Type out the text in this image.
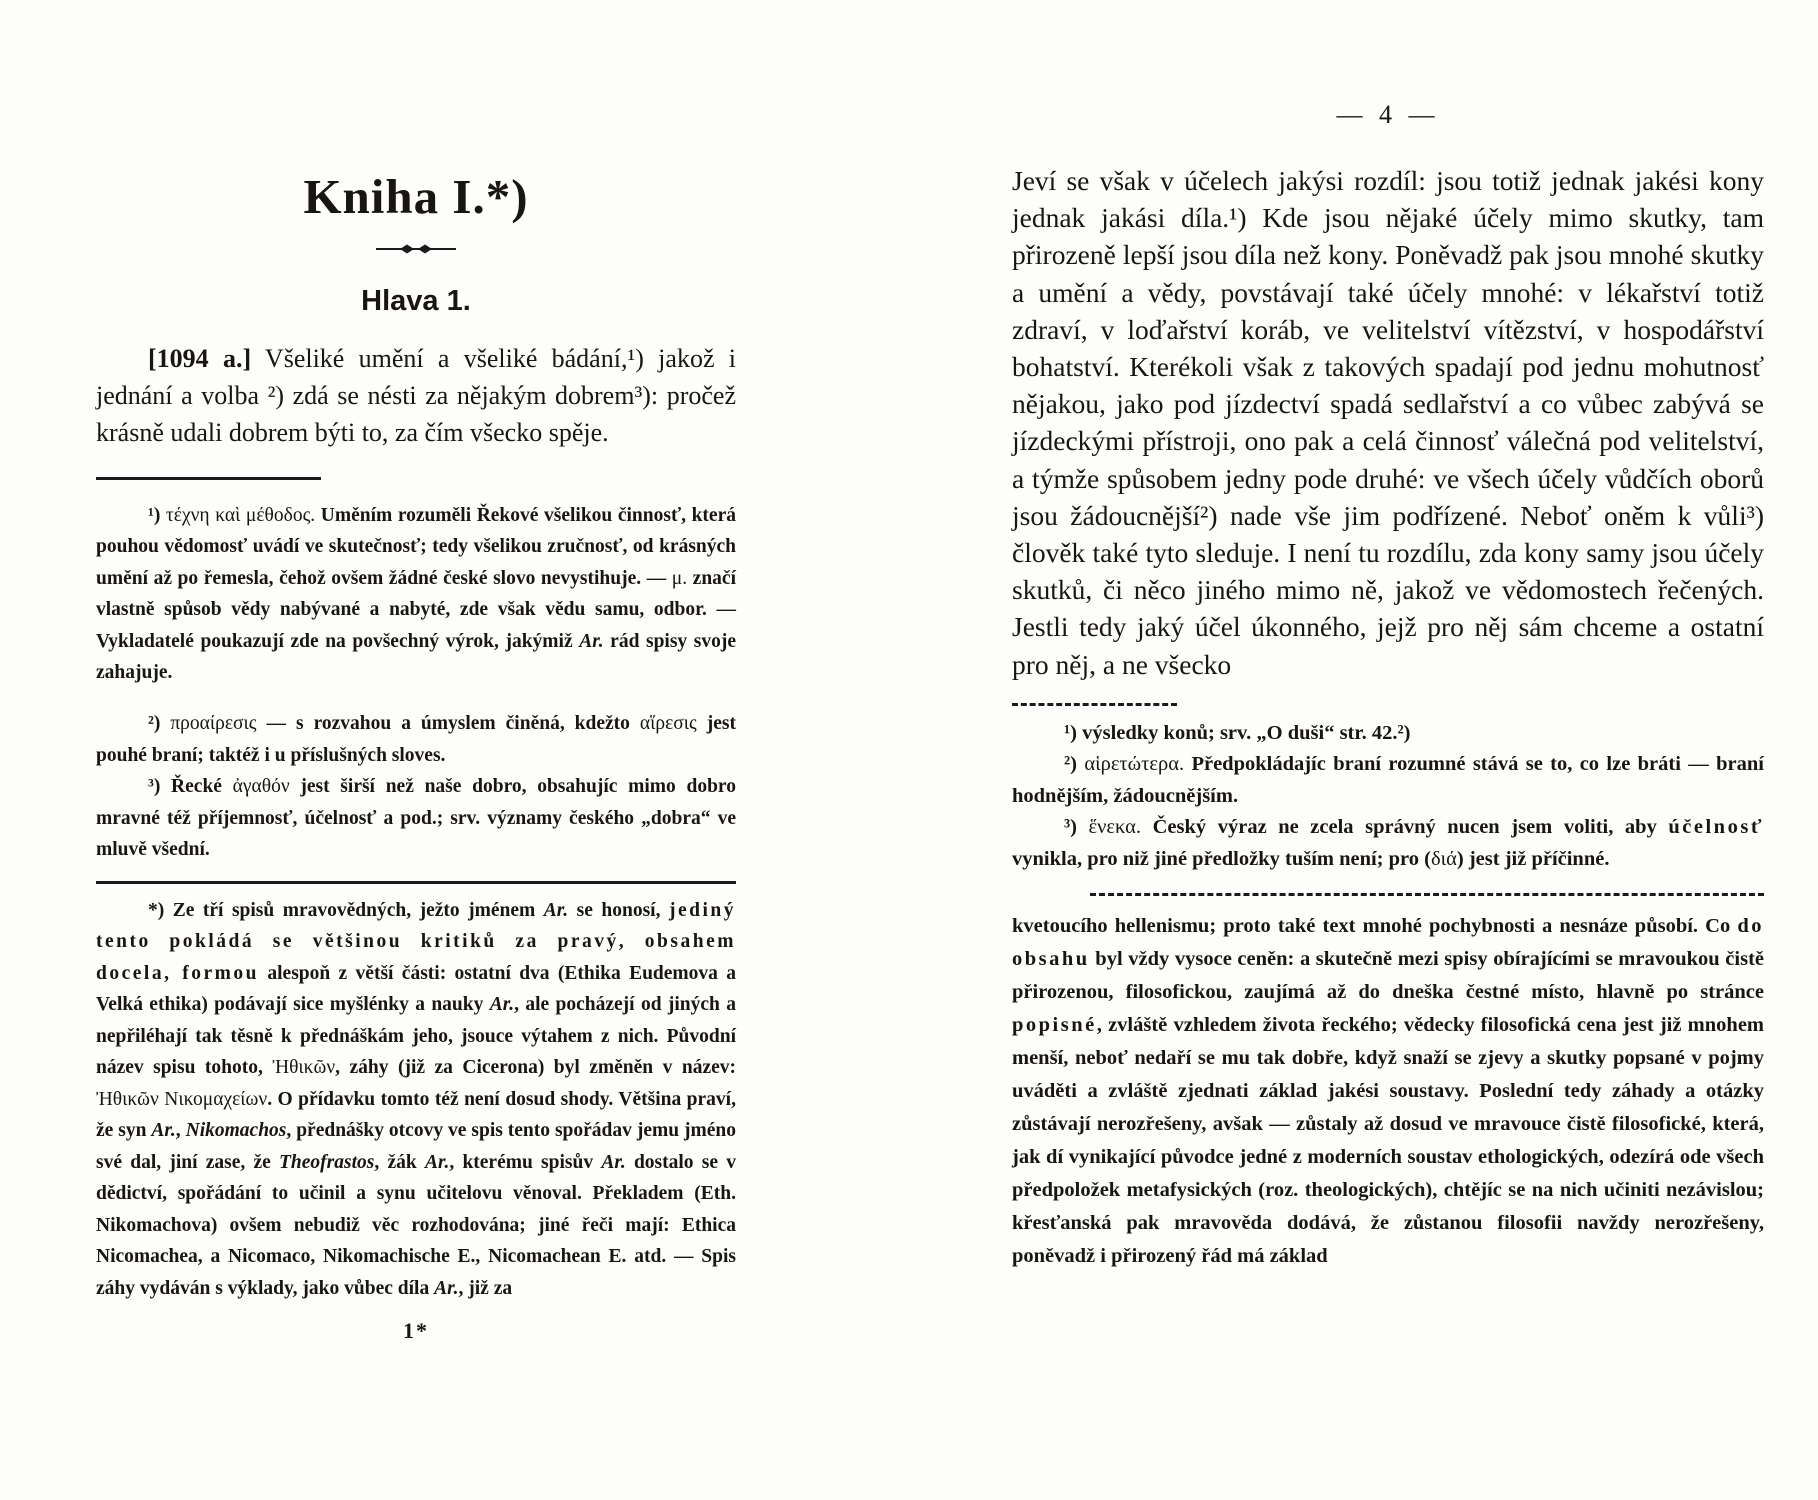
Kniha I.*)
Hlava 1.

[1094 a.] Všeliké umění a všeliké bádání,¹) jakož i jednání a volba ²) zdá se nésti za nějakým dobrem³): pročež krásně udali dobrem býti to, za čím všecko spěje.

¹) τέχνη καὶ μέθοδος. Uměním rozuměli Řekové všelikou činnosť, která pouhou vědomosť uvádí ve skutečnosť; tedy všelikou zručnosť, od krásných umění až po řemesla, čehož ovšem žádné české slovo nevystihuje. — μ. značí vlastně spůsob vědy nabývané a nabyté, zde však vědu samu, odbor. — Vykladatelé poukazují zde na povšechný výrok, jakýmiž Ar. rád spisy svoje zahajuje.

²) προαίρεσις — s rozvahou a úmyslem činěná, kdežto αἵρεσις jest pouhé braní; taktéž i u příslušných sloves.

³) Řecké ἀγαθόν jest širší než naše dobro, obsahujíc mimo dobro mravné též příjemnosť, účelnosť a pod.; srv. významy českého „dobra“ ve mluvě všední.

*) Ze tří spisů mravovědných, ježto jménem Ar. se honosí, jediný tento pokládá se většinou kritiků za pravý, obsahem docela, formou alespoň z větší části: ostatní dva (Ethika Eudemova a Velká ethika) podávají sice myšlénky a nauky Ar., ale pocházejí od jiných a nepřiléhají tak těsně k přednáškám jeho, jsouce výtahem z nich. Původní název spisu tohoto, Ἠθικῶν, záhy (již za Cicerona) byl změněn v název: Ἠθικῶν Νικομαχείων. O přídavku tomto též není dosud shody. Většina praví, že syn Ar., Nikomachos, přednášky otcovy ve spis tento spořádav jemu jméno své dal, jiní zase, že Theofrastos, žák Ar., kterému spisův Ar. dostalo se v dědictví, spořádání to učinil a synu učitelovu věnoval. Překladem (Eth. Nikomachova) ovšem nebudiž věc rozhodována; jiné řeči mají: Ethica Nicomachea, a Nicomaco, Nikomachische E., Nicomachean E. atd. — Spis záhy vydáván s výklady, jako vůbec díla Ar., již za

1*
— 4 —

Jeví se však v účelech jakýsi rozdíl: jsou totiž jednak jakési kony jednak jakási díla.¹) Kde jsou nějaké účely mimo skutky, tam přirozeně lepší jsou díla než kony. Poněvadž pak jsou mnohé skutky a umění a vědy, povstávají také účely mnohé: v lékařství totiž zdraví, v loďařství koráb, ve velitelství vítězství, v hospodářství bohatství. Kterékoli však z takových spadají pod jednu mohutnosť nějakou, jako pod jízdectví spadá sedlařství a co vůbec zabývá se jízdeckými přístroji, ono pak a celá činnosť válečná pod velitelství, a týmže spůsobem jedny pode druhé: ve všech účely vůdčích oborů jsou žádoucnější²) nade vše jim podřízené. Neboť oněm k vůli³) člověk také tyto sleduje. I není tu rozdílu, zda kony samy jsou účely skutků, či něco jiného mimo ně, jakož ve vědomostech řečených. Jestli tedy jaký účel úkonného, jejž pro něj sám chceme a ostatní pro něj, a ne všecko

¹) výsledky konů; srv. „O duši“ str. 42.²)

²) αἱρετώτερα. Předpokládajíc braní rozumné stává se to, co lze bráti — braní hodnějším, žádoucnějším.

³) ἕνεκα. Český výraz ne zcela správný nucen jsem voliti, aby účelnosť vynikla, pro niž jiné předložky tuším není; pro (διά) jest již příčinné.

kvetoucího hellenismu; proto také text mnohé pochybnosti a nesnáze působí. Co do obsahu byl vždy vysoce ceněn: a skutečně mezi spisy obírajícími se mravoukou čistě přirozenou, filosofickou, zaujímá až do dneška čestné místo, hlavně po stránce popisné, zvláště vzhledem života řeckého; vědecky filosofická cena jest již mnohem menší, neboť nedaří se mu tak dobře, když snaží se zjevy a skutky popsané v pojmy uváděti a zvláště zjednati základ jakési soustavy. Poslední tedy záhady a otázky zůstávají nerozřešeny, avšak — zůstaly až dosud ve mravouce čistě filosofické, která, jak dí vynikající původce jedné z moderních soustav ethologických, odezírá ode všech předpoložek metafysických (roz. theologických), chtějíc se na nich učiniti nezávislou; křesťanská pak mravověda dodává, že zůstanou filosofii navždy nerozřešeny, poněvadž i přirozený řád má základ
